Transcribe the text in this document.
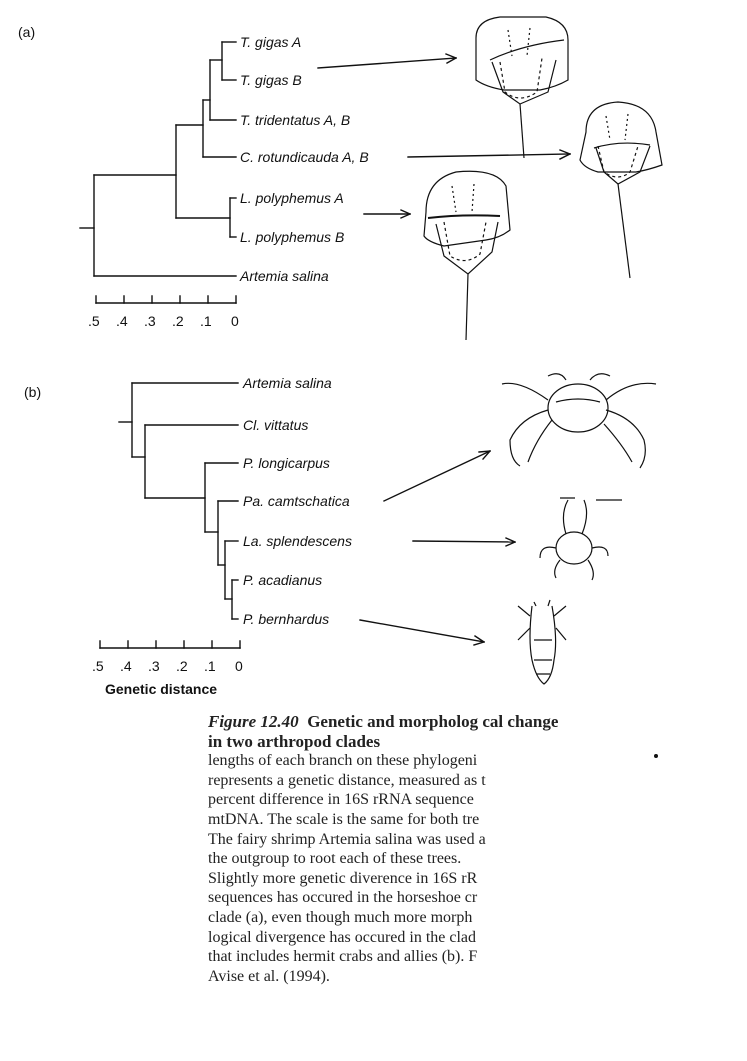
(a)
(b)
T. gigas A
T. gigas B
T. tridentatus A, B
C. rotundicauda A, B
L. polyphemus A
L. polyphemus B
Artemia salina
.5 .4 .3 .2 .1 0
Artemia salina
Cl. vittatus
P. longicarpus
Pa. camtschatica
La. splendescens
P. acadianus
P. bernhardus
.5 .4 .3 .2 .1 0
Genetic distance
Figure 12.40 Genetic and morpholog cal change in two arthropod clades

lengths of each branch on these phylogeni

represents a genetic distance, measured as t

percent difference in 16S rRNA sequence

mtDNA. The scale is the same for both tre

The fairy shrimp Artemia salina was used a

the outgroup to root each of these trees.

Slightly more genetic diverence in 16S rR

sequences has occured in the horseshoe cr

clade (a), even though much more morph

logical divergence has occured in the clad

that includes hermit crabs and allies (b). F

Avise et al. (1994).
